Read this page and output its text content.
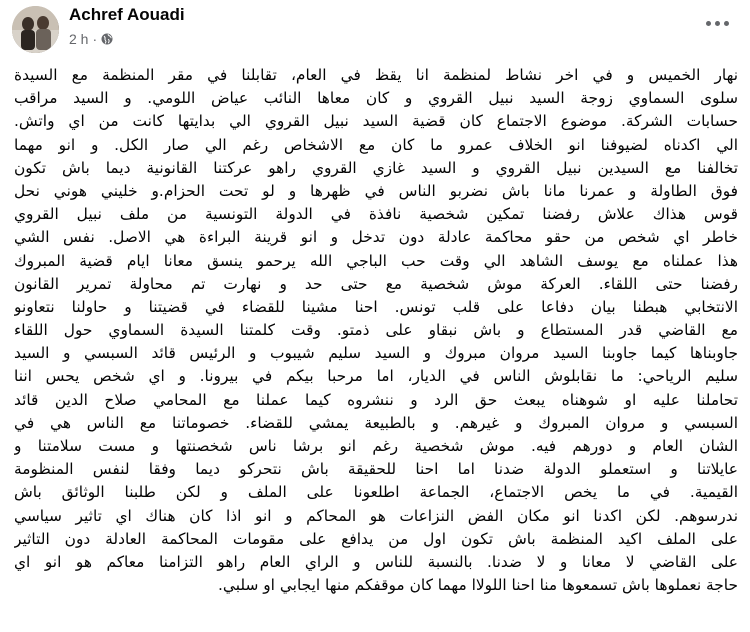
Achref Aouadi
2 h ·
نهار الخميس و في اخر نشاط لمنظمة انا يقظ في العام، تقابلنا في مقر المنظمة مع السيدة
سلوى السماوي زوجة السيد نبيل القروي و كان معاها النائب عياض اللومي. و السيد مراقب
حسابات الشركة. موضوع الاجتماع كان قضية السيد نبيل القروي الي بدايتها كانت من اي واتش.
الي اكدناه لضيوفنا انو الخلاف عمرو ما كان مع الاشخاص رغم الي صار الكل. و انو مهما
تخالفنا مع السيدين نبيل القروي و السيد غازي القروي راهو عركتنا القانونية ديما باش تكون
فوق الطاولة و عمرنا مانا باش نضربو الناس في ظهرها و لو تحت الحزام.و خليني هوني نحل
قوس هذاك علاش رفضنا تمكين شخصية نافذة في الدولة التونسية من ملف نبيل القروي
خاطر اي شخص من حقو محاكمة عادلة دون تدخل و انو قرينة البراءة هي الاصل. نفس الشي
هذا عملناه مع يوسف الشاهد الي وقت حب الباجي الله يرحمو ينسق معانا ايام قضية المبروك
رفضنا حتى اللقاء. العركة موش شخصية مع حتى حد و نهارت تم محاولة تمرير القانون
الانتخابي هبطنا بيان دفاعا على قلب تونس. احنا مشينا للقضاء في قضيتنا و حاولنا نتعاونو
مع القاضي قدر المستطاع و باش نبقاو على ذمتو. وقت كلمتنا السيدة السماوي حول اللقاء
جاوبناها كيما جاوبنا السيد مروان مبروك و السيد سليم شيبوب و الرئيس قائد السبسي و السيد
سليم الرياحي: ما نقابلوش الناس في الديار، اما مرحبا بيكم في بيرونا. و اي شخص يحس اننا
تحاملنا عليه او شوهناه يبعث حق الرد و ننشروه كيما عملنا مع المحامي صلاح الدين قائد
السبسي و مروان المبروك و غيرهم. و بالطبيعة يمشي للقضاء. خصوماتنا مع الناس هي في
الشان العام و دورهم فيه. موش شخصية رغم انو برشا ناس شخصنتها و مست سلامتنا و
عايلاتنا و استعملو الدولة ضدنا اما احنا للحقيقة باش نتحركو ديما وفقا لنفس المنظومة
القيمية. في ما يخص الاجتماع، الجماعة اطلعونا على الملف و لكن طلبنا الوثائق باش
ندرسوهم. لكن اكدنا انو مكان الفض النزاعات هو المحاكم و انو اذا كان هناك اي تاثير سياسي
على الملف اكيد المنظمة باش تكون اول من يدافع على مقومات المحاكمة العادلة دون التاثير
على القاضي لا معانا و لا ضدنا. بالنسبة للناس و الراي العام راهو التزامنا معاكم هو انو اي
حاجة نعملوها باش تسمعوها منا احنا اللولاا مهما كان موقفكم منها ايجابي او سلبي.
